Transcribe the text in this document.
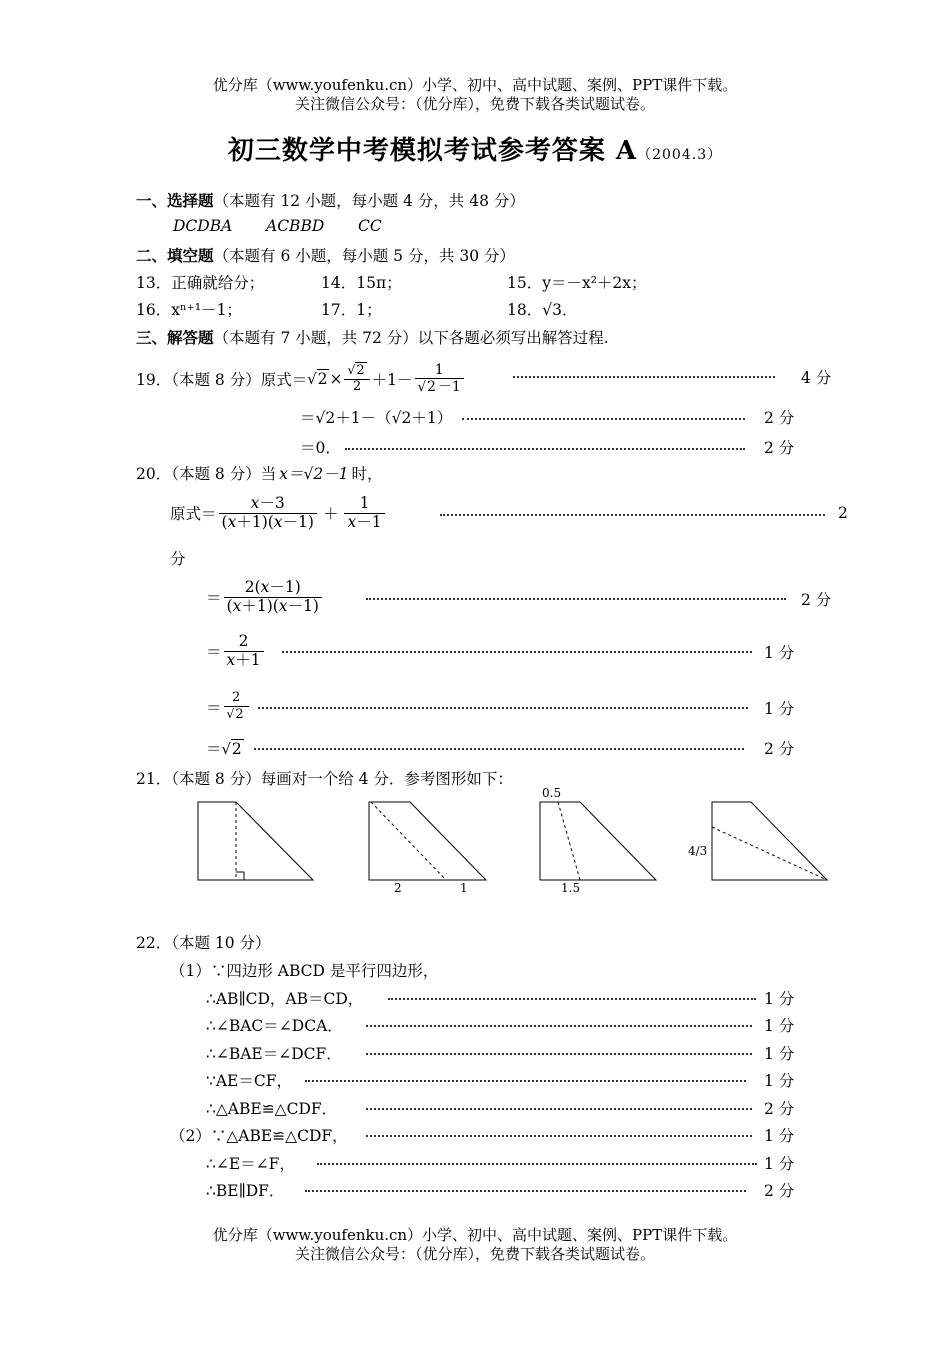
优分库（www.youfenku.cn）小学、初中、高中试题、案例、PPT课件下载。
关注微信公众号：（优分库），免费下载各类试题试卷。
初三数学中考模拟考试参考答案 A（2004.3）
一、选择题（本题有 12 小题，每小题 4 分，共 48 分）
DCDBA ACBBD CC
二、填空题（本题有 6 小题，每小题 5 分，共 30 分）
13．正确就给分；	14．15π；	15．y＝－x²＋2x；
16．xⁿ⁺¹－1；	17．1；	18．√3．
三、解答题（本题有 7 小题，共 72 分）以下各题必须写出解答过程.
19．（本题 8 分）原式＝ $√2 \times \frac{√2}{2} +1- \frac{1}{√2 -1}$	4 分
＝√2＋1－（√2＋1）	2 分
＝0．	2 分
20．（本题 8 分）当 x＝√2－1 时，
原式＝ $\frac{x-3}{(x+1)(x-1)} + \frac{1}{x-1}$	2
分
＝ $\frac{2(x-1)}{(x+1)(x-1)}$	2 分
＝ $\frac{2}{x+1}$	1 分
＝ $\frac{2}{√2}$	1 分
＝√2	2 分
21．（本题 8 分）每画对一个给 4 分．参考图形如下：
0.5
2	1	1.5
4/3
22．（本题 10 分）
（1）∵四边形 ABCD 是平行四边形，
∴AB∥CD，AB＝CD，	1 分
∴∠BAC＝∠DCA．	1 分
∴∠BAE＝∠DCF．	1 分
∵AE＝CF，	1 分
∴△ABE≌△CDF．	2 分
（2）∵△ABE≌△CDF，	1 分
∴∠E＝∠F，	1 分
∴BE∥DF．	2 分
优分库（www.youfenku.cn）小学、初中、高中试题、案例、PPT课件下载。
关注微信公众号：（优分库），免费下载各类试题试卷。
